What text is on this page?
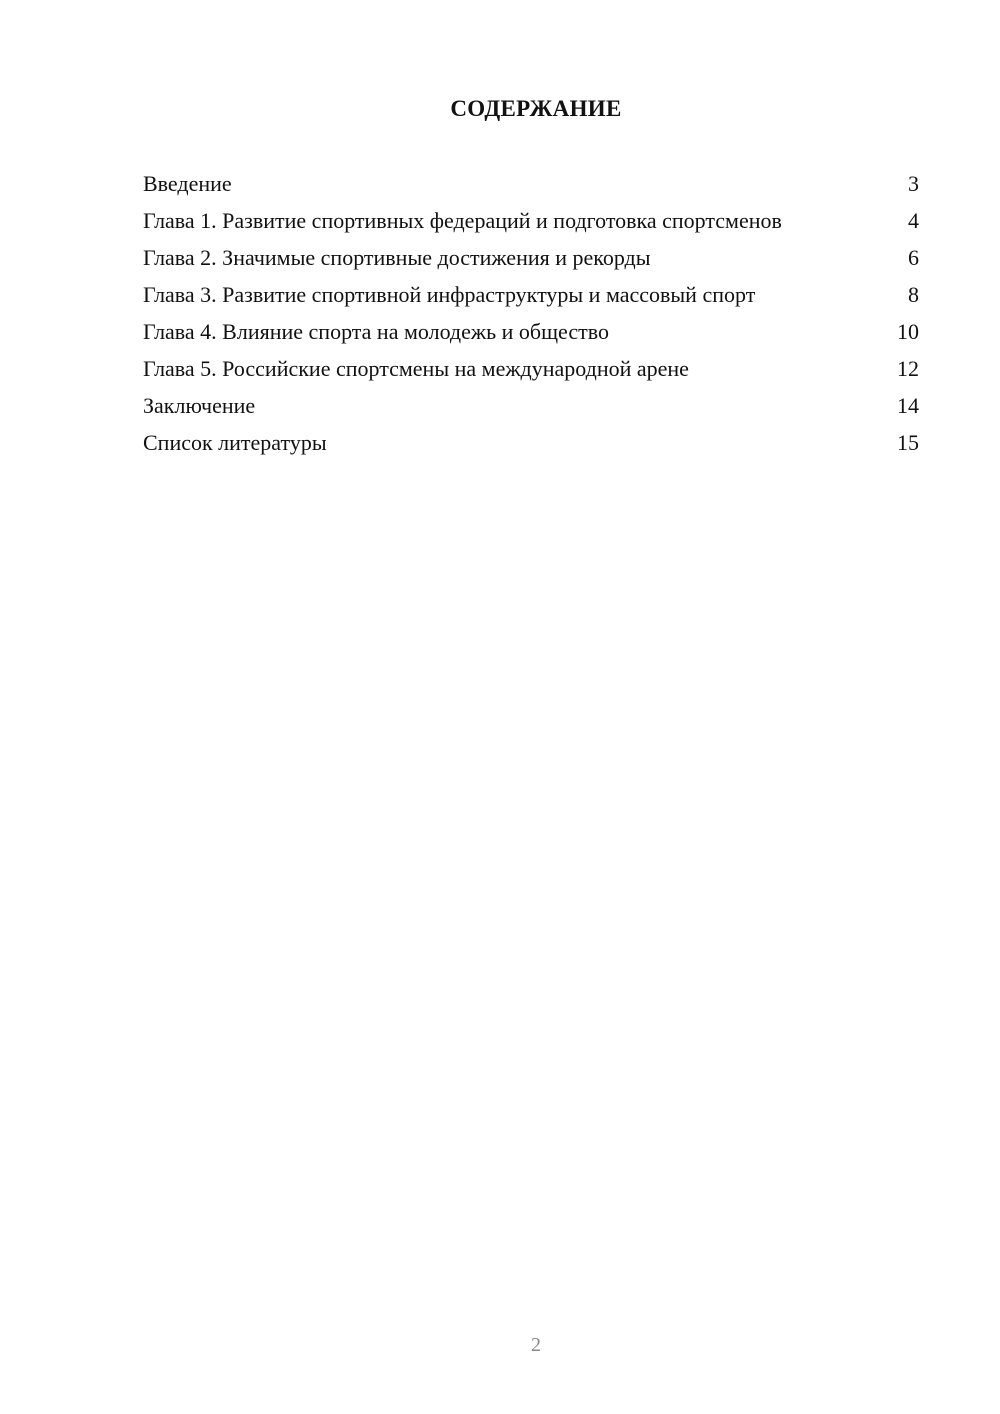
СОДЕРЖАНИЕ
Введение	3
Глава 1. Развитие спортивных федераций и подготовка спортсменов	4
Глава 2. Значимые спортивные достижения и рекорды	6
Глава 3. Развитие спортивной инфраструктуры и массовый спорт	8
Глава 4. Влияние спорта на молодежь и общество	10
Глава 5. Российские спортсмены на международной арене	12
Заключение	14
Список литературы	15
2
